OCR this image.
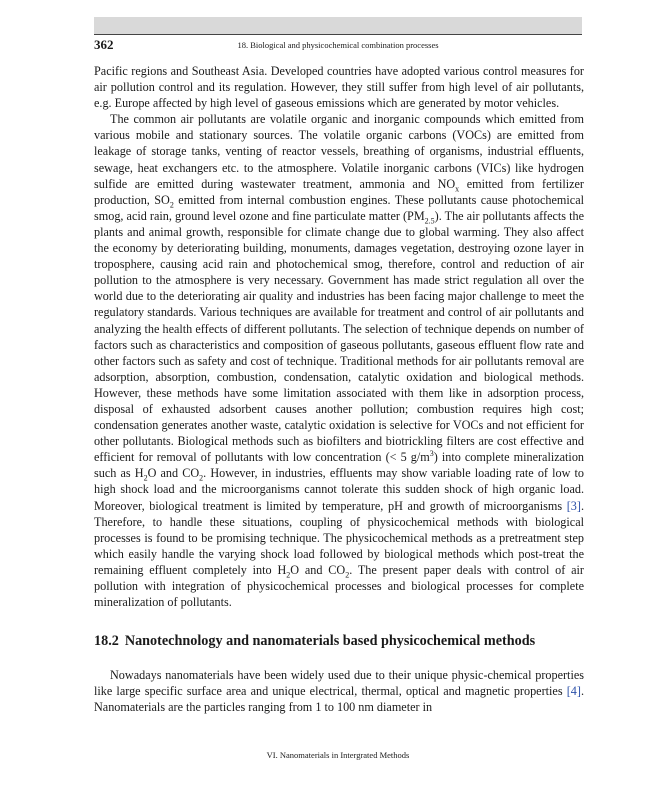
362	18. Biological and physicochemical combination processes

Pacific regions and Southeast Asia. Developed countries have adopted various control measures for air pollution control and its regulation. However, they still suffer from high level of air pollutants, e.g. Europe affected by high level of gaseous emissions which are generated by motor vehicles.

The common air pollutants are volatile organic and inorganic compounds which emitted from various mobile and stationary sources. The volatile organic carbons (VOCs) are emitted from leakage of storage tanks, venting of reactor vessels, breathing of organisms, industrial effluents, sewage, heat exchangers etc. to the atmosphere. Volatile inorganic carbons (VICs) like hydrogen sulfide are emitted during wastewater treatment, ammonia and $NO_x$ emitted from fertilizer production, $SO_2$ emitted from internal combustion engines. These pollutants cause photochemical smog, acid rain, ground level ozone and fine particulate matter $(PM_{2.5})$. The air pollutants affects the plants and animal growth, responsible for climate change due to global warming. They also affect the economy by deteriorating building, monuments, damages vegetation, destroying ozone layer in troposphere, causing acid rain and photochemical smog, therefore, control and reduction of air pollution to the atmosphere is very necessary. Government has made strict regulation all over the world due to the deteriorating air quality and industries has been facing major challenge to meet the regulatory standards. Various techniques are available for treatment and control of air pollutants and analyzing the health effects of different pollutants. The selection of technique depends on number of factors such as characteristics and composition of gaseous pollutants, gaseous effluent flow rate and other factors such as safety and cost of technique. Traditional methods for air pollutants removal are adsorption, absorption, combustion, condensation, catalytic oxidation and biological methods. However, these methods have some limitation associated with them like in adsorption process, disposal of exhausted adsorbent causes another pollution; combustion requires high cost; condensation generates another waste, catalytic oxidation is selective for VOCs and not efficient for other pollutants. Biological methods such as biofilters and biotrickling filters are cost effective and efficient for removal of pollutants with low concentration (< 5 $g/m^3$) into complete mineralization such as $H_2O$ and $CO_2$. However, in industries, effluents may show variable loading rate of low to high shock load and the microorganisms cannot tolerate this sudden shock of high organic load. Moreover, biological treatment is limited by temperature, pH and growth of microorganisms [3]. Therefore, to handle these situations, coupling of physicochemical methods with biological processes is found to be promising technique. The physicochemical methods as a pretreatment step which easily handle the varying shock load followed by biological methods which post-treat the remaining effluent completely into $H_2O$ and $CO_2$. The present paper deals with control of air pollution with integration of physicochemical processes and biological processes for complete mineralization of pollutants.

18.2 Nanotechnology and nanomaterials based physicochemical methods

Nowadays nanomaterials have been widely used due to their unique physic-chemical properties like large specific surface area and unique electrical, thermal, optical and magnetic properties [4]. Nanomaterials are the particles ranging from 1 to 100 nm diameter in

VI. Nanomaterials in Intergrated Methods
